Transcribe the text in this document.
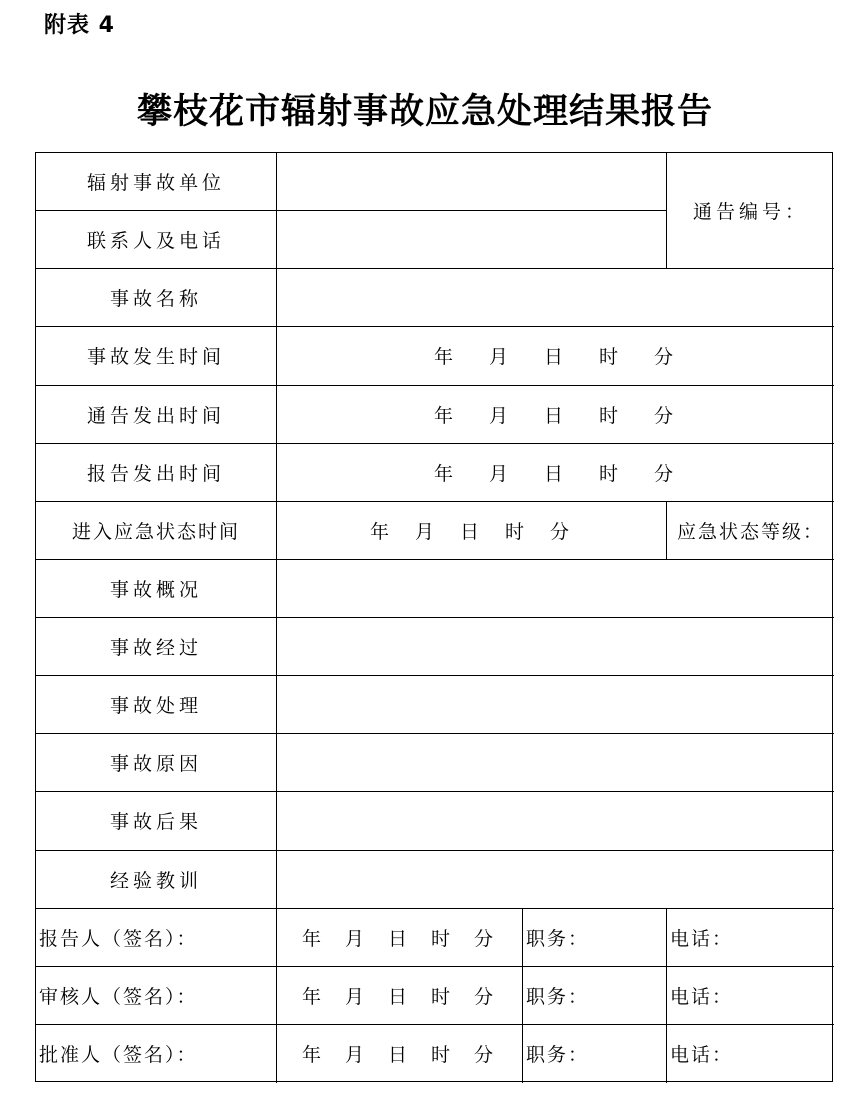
附表 4
攀枝花市辐射事故应急处理结果报告
辐射事故单位
通告编号：
联系人及电话
事故名称
事故发生时间	年 月 日 时 分
通告发出时间	年 月 日 时 分
报告发出时间	年 月 日 时 分
进入应急状态时间	年 月 日 时 分	应急状态等级：
事故概况
事故经过
事故处理
事故原因
事故后果
经验教训
报告人（签名）：	年 月 日 时 分 职务：	电话：
审核人（签名）：	年 月 日 时 分 职务：	电话：
批准人（签名）：	年 月 日 时 分 职务：	电话：
